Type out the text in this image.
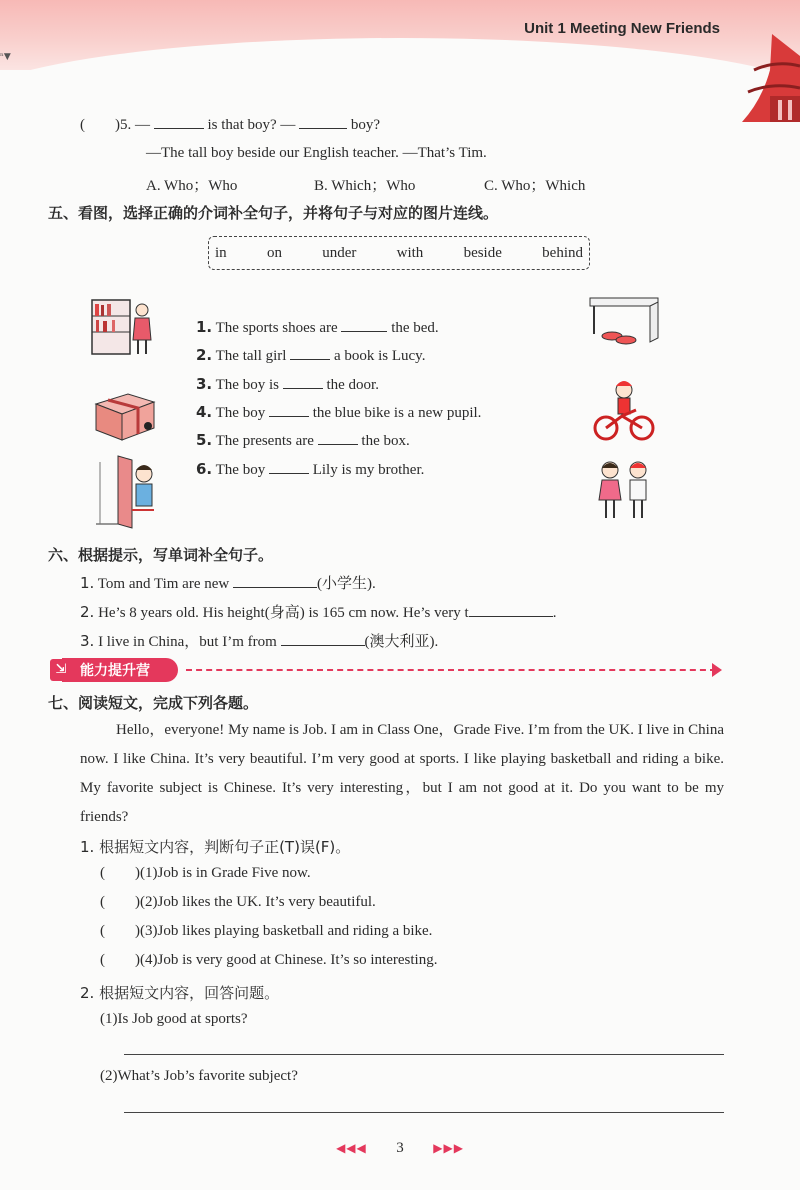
Unit 1 Meeting New Friends
ⁿ▼
( )5. —	is that boy? —	boy?
—The tall boy beside our English teacher. —That’s Tim.
A. Who；Who	B. Which；Who	C. Who；Which
五、看图，选择正确的介词补全句子，并将句子与对应的图片连线。
in	on	under	with	beside	behind
1. The sports shoes are	the bed.
2. The tall girl	a book is Lucy.
3. The boy is	the door.
4. The boy	the blue bike is a new pupil.
5. The presents are	the box.
6. The boy	Lily is my brother.
六、根据提示，写单词补全句子。
1. Tom and Tim are new	(小学生).
2. He’s 8 years old. His height(身高) is 165 cm now. He’s very t	.
3. I live in China，but I’m from	(澳大利亚).
能力提升营
⇲
七、阅读短文，完成下列各题。
Hello，everyone! My name is Job. I am in Class One，Grade Five. I’m from the UK. I live in China now. I like China. It’s very beautiful. I’m very good at sports. I like playing basketball and riding a bike. My favorite subject is Chinese. It’s very interesting，but I am not good at it. Do you want to be my friends?
1. 根据短文内容，判断句子正(T)误(F)。
( )(1)Job is in Grade Five now.
( )(2)Job likes the UK. It’s very beautiful.
( )(3)Job likes playing basketball and riding a bike.
( )(4)Job is very good at Chinese. It’s so interesting.
2. 根据短文内容，回答问题。
(1)Is Job good at sports?
(2)What’s Job’s favorite subject?
◀◀◀ 3 ▶▶▶
